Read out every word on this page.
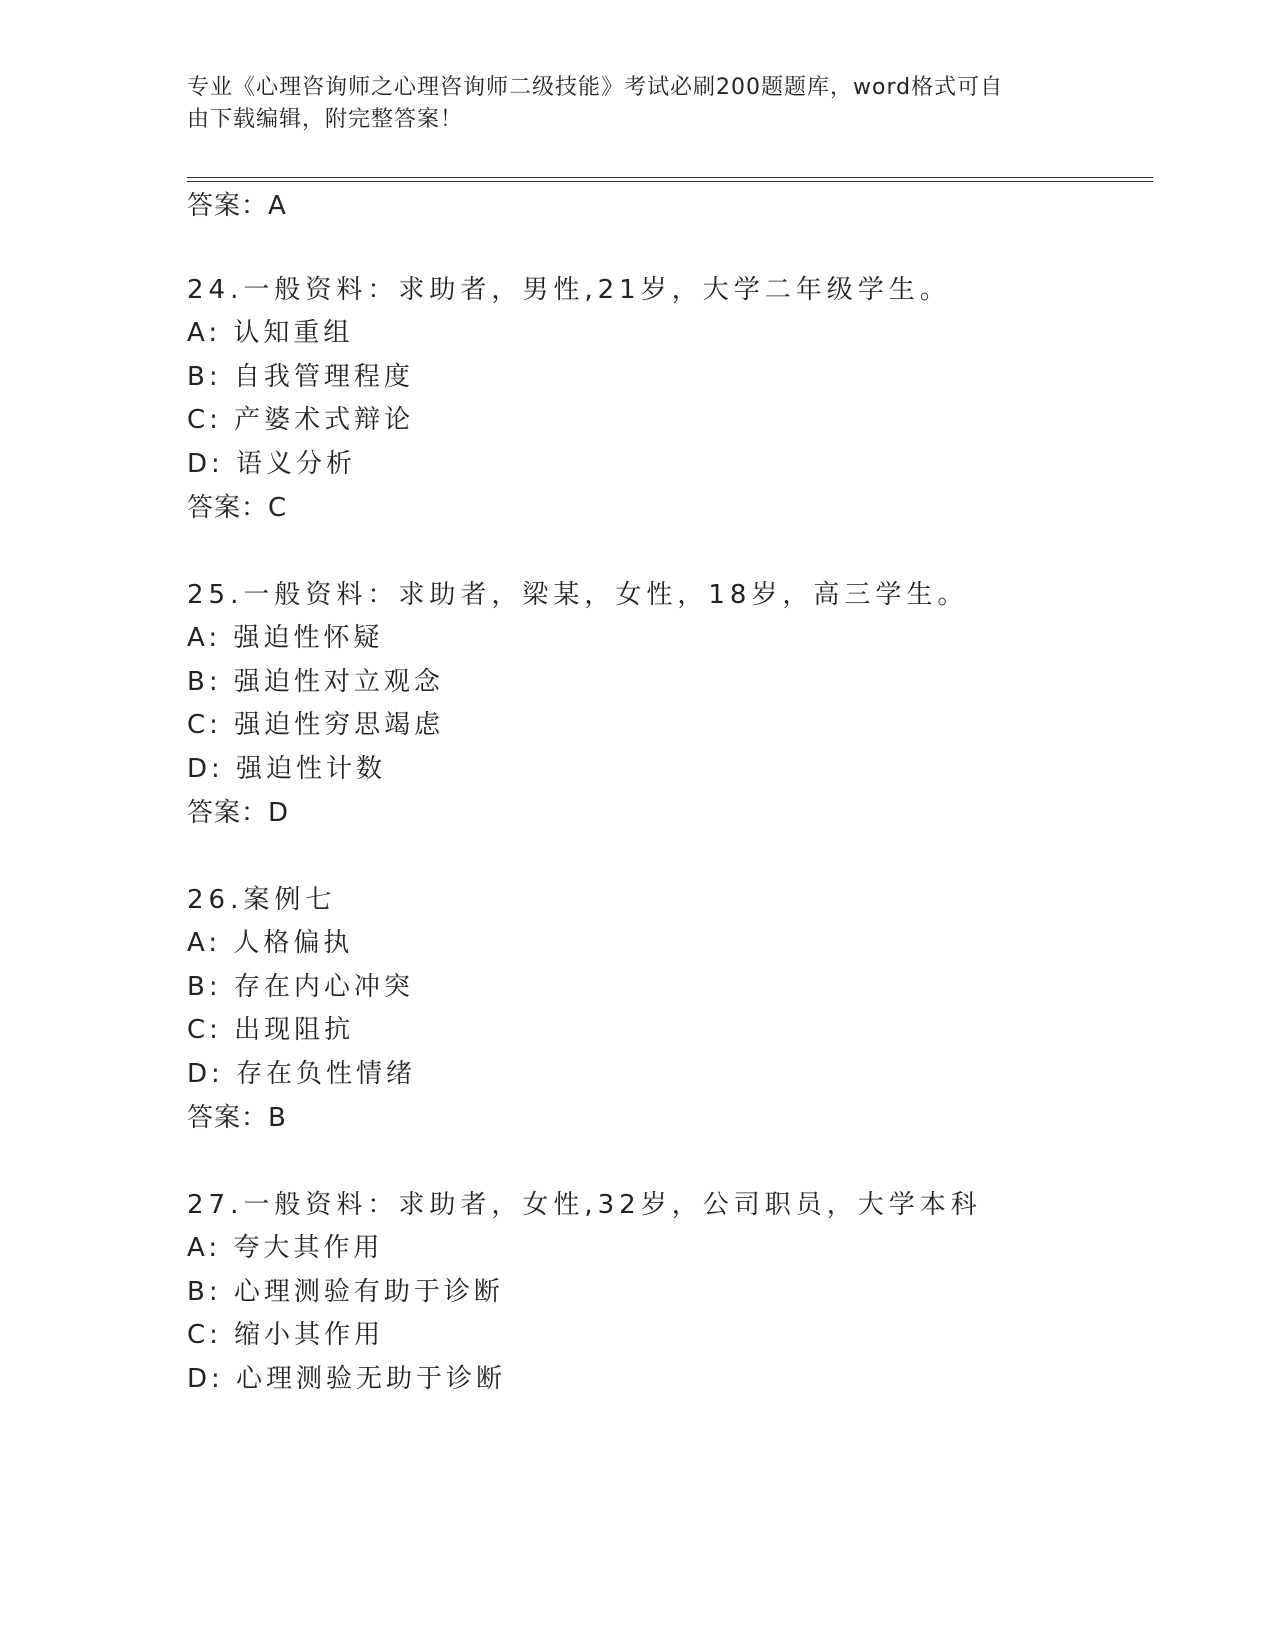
专业《心理咨询师之心理咨询师二级技能》考试必刷200题题库，word格式可自
由下载编辑，附完整答案！
答案：A
24.一般资料：求助者，男性,21岁，大学二年级学生。
A: 认知重组
B: 自我管理程度
C: 产婆术式辩论
D: 语义分析
答案：C
25.一般资料：求助者，梁某，女性，18岁，高三学生。
A: 强迫性怀疑
B: 强迫性对立观念
C: 强迫性穷思竭虑
D: 强迫性计数
答案：D
26.案例七
A: 人格偏执
B: 存在内心冲突
C: 出现阻抗
D: 存在负性情绪
答案：B
27.一般资料：求助者，女性,32岁，公司职员，大学本科
A: 夸大其作用
B: 心理测验有助于诊断
C: 缩小其作用
D: 心理测验无助于诊断
